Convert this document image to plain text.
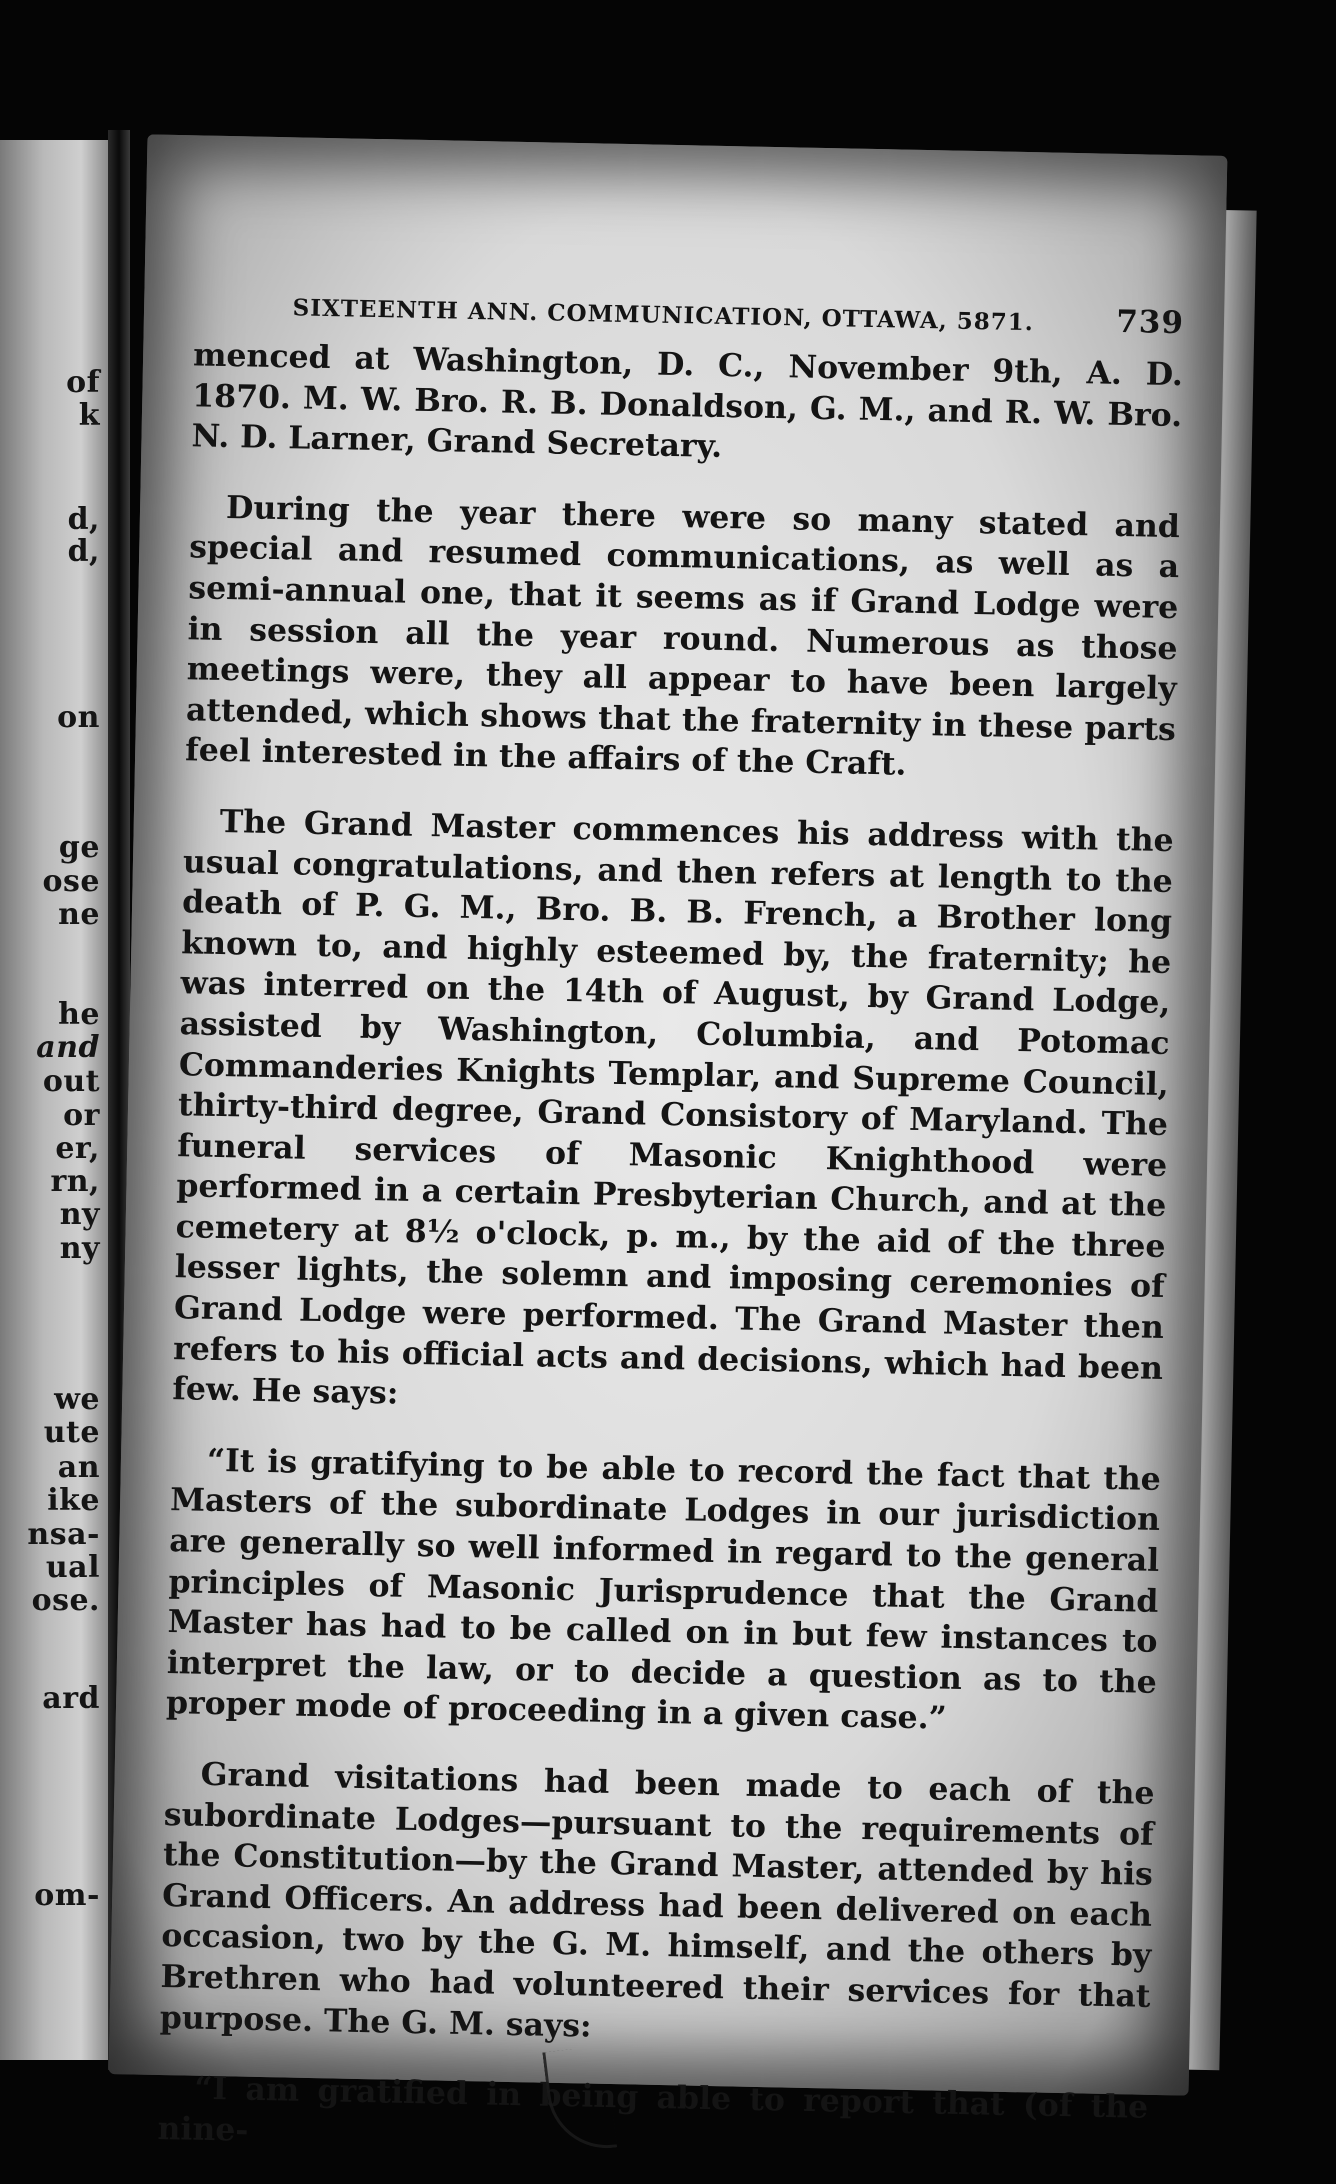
of
k
d,
d,
on
ge
ose
ne
he
and
out
or
er,
rn,
ny
ny
we
ute
an
ike
nsa-
ual
ose.
ard
om-
SIXTEENTH ANN. COMMUNICATION, OTTAWA, 5871.	739

menced at Washington, D. C., November 9th, A. D. 1870. M. W. Bro. R. B. Donaldson, G. M., and R. W. Bro. N. D. Larner, Grand Secretary.

During the year there were so many stated and special and resumed communications, as well as a semi-annual one, that it seems as if Grand Lodge were in session all the year round. Numerous as those meetings were, they all appear to have been largely attended, which shows that the fraternity in these parts feel interested in the affairs of the Craft.

The Grand Master commences his address with the usual congratulations, and then refers at length to the death of P. G. M., Bro. B. B. French, a Brother long known to, and highly esteemed by, the fraternity; he was interred on the 14th of August, by Grand Lodge, assisted by Washington, Columbia, and Potomac Commanderies Knights Templar, and Supreme Council, thirty-third degree, Grand Consistory of Maryland. The funeral services of Masonic Knighthood were performed in a certain Presbyterian Church, and at the cemetery at 8½ o'clock, p. m., by the aid of the three lesser lights, the solemn and imposing ceremonies of Grand Lodge were performed. The Grand Master then refers to his official acts and decisions, which had been few. He says:

“It is gratifying to be able to record the fact that the Masters of the subordinate Lodges in our jurisdiction are generally so well informed in regard to the general principles of Masonic Jurisprudence that the Grand Master has had to be called on in but few instances to interpret the law, or to decide a question as to the proper mode of proceeding in a given case.”

Grand visitations had been made to each of the subordinate Lodges—pursuant to the requirements of the Constitution—by the Grand Master, attended by his Grand Officers. An address had been delivered on each occasion, two by the G. M. himself, and the others by Brethren who had volunteered their services for that purpose. The G. M. says:

“I am gratified in being able to report that (of the nine-
